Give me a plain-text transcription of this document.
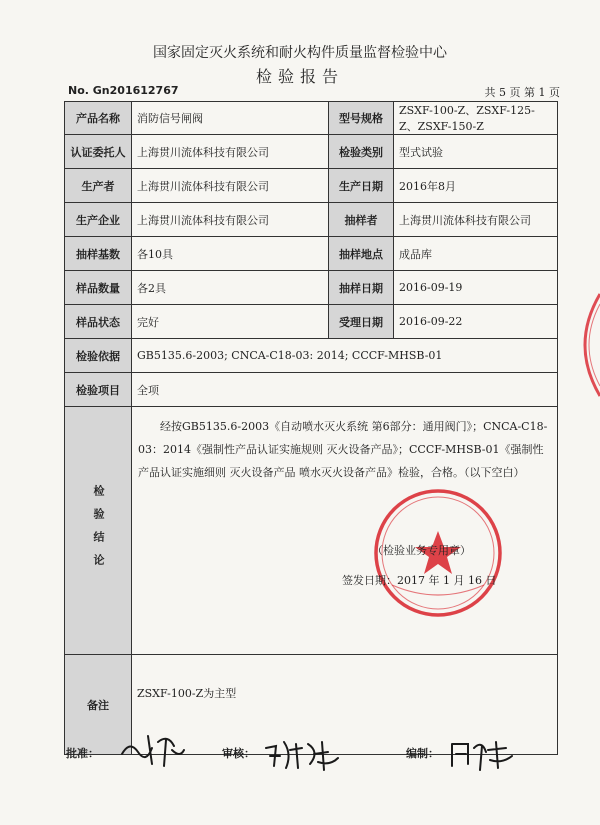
国家固定灭火系统和耐火构件质量监督检验中心
检验报告
No. Gn201612767	共 5 页 第 1 页
产品名称	消防信号闸阀	型号规格	ZSXF-100-Z、ZSXF-125-Z、ZSXF-150-Z
认证委托人	上海贯川流体科技有限公司	检验类别	型式试验
生产者	上海贯川流体科技有限公司	生产日期	2016年8月
生产企业	上海贯川流体科技有限公司	抽样者	上海贯川流体科技有限公司
抽样基数	各10具	抽样地点	成品库
样品数量	各2具	抽样日期	2016-09-19
样品状态	完好	受理日期	2016-09-22
检验依据	GB5135.6-2003; CNCA-C18-03: 2014; CCCF-MHSB-01		
检验项目	全项		

检验结论	经按GB5135.6-2003《自动喷水灭火系统 第6部分：通用阀门》；CNCA-C18-03：2014《强制性产品认证实施规则 灭火设备产品》；CCCF-MHSB-01《强制性产品认证实施细则 灭火设备产品 喷水灭火设备产品》检验，合格。（以下空白）
（检验业务专用章）
签发日期：2017 年 1 月 16 日		

备注	ZSXF-100-Z为主型		
批准：	审核：	编制：
